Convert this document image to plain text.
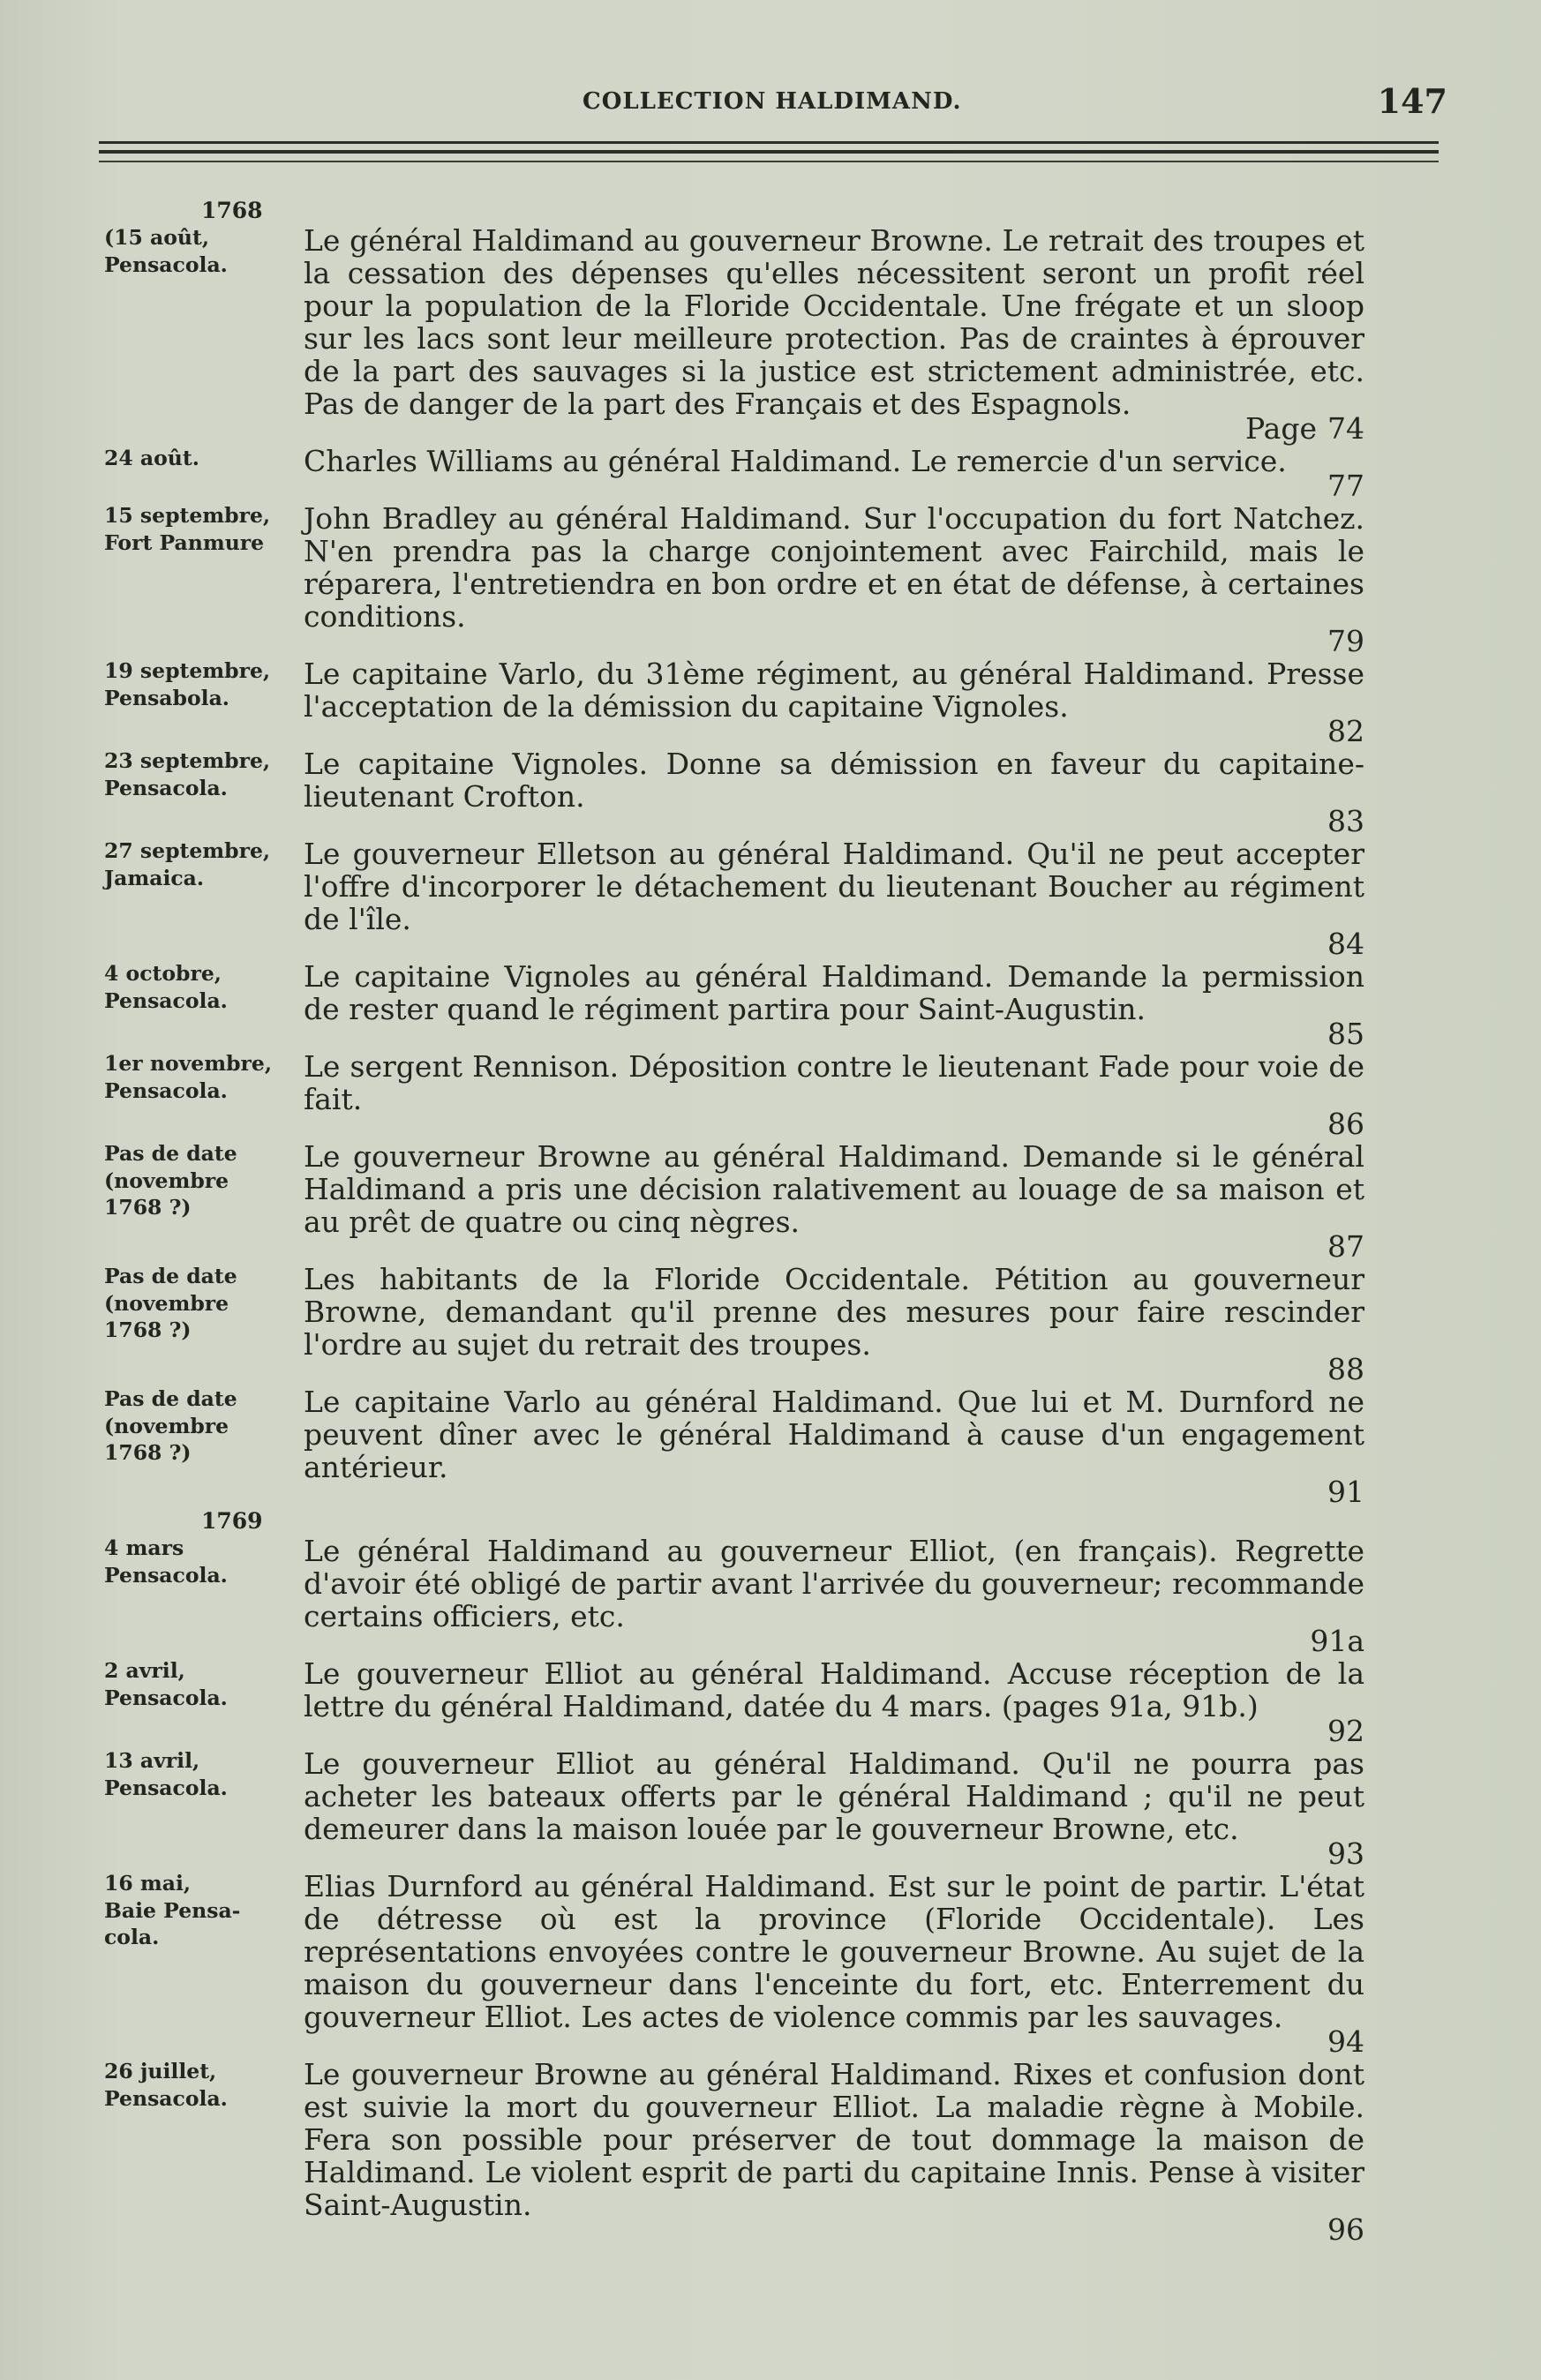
COLLECTION HALDIMAND.	147
1768
(15 août,
Pensacola.
Le général Haldimand au gouverneur Browne. Le retrait des troupes et la cessation des dépenses qu'elles nécessitent seront un profit réel pour la population de la Floride Occidentale. Une frégate et un sloop sur les lacs sont leur meilleure protection. Pas de craintes à éprouver de la part des sauvages si la justice est strictement administrée, etc. Pas de danger de la part des Français et des Espagnols.
Page 74
24 août.	Charles Williams au général Haldimand. Le remercie d'un service.
77
15 septembre,
Fort Panmure
John Bradley au général Haldimand. Sur l'occupation du fort Natchez. N'en prendra pas la charge conjointement avec Fairchild, mais le réparera, l'entretiendra en bon ordre et en état de défense, à certaines conditions.
79
19 septembre,
Pensabola.
Le capitaine Varlo, du 31ème régiment, au général Haldimand. Presse l'acceptation de la démission du capitaine Vignoles.
82
23 septembre,
Pensacola.
Le capitaine Vignoles. Donne sa démission en faveur du capitaine-lieutenant Crofton.
83
27 septembre,
Jamaica.
Le gouverneur Elletson au général Haldimand. Qu'il ne peut accepter l'offre d'incorporer le détachement du lieutenant Boucher au régiment de l'île.
84
4 octobre,
Pensacola.
Le capitaine Vignoles au général Haldimand. Demande la permission de rester quand le régiment partira pour Saint-Augustin.
85
1er novembre,
Pensacola.
Le sergent Rennison. Déposition contre le lieutenant Fade pour voie de fait.
86
Pas de date
(novembre
1768 ?)
Le gouverneur Browne au général Haldimand. Demande si le général Haldimand a pris une décision ralativement au louage de sa maison et au prêt de quatre ou cinq nègres.
87
Pas de date
(novembre
1768 ?)
Les habitants de la Floride Occidentale. Pétition au gouverneur Browne, demandant qu'il prenne des mesures pour faire rescinder l'ordre au sujet du retrait des troupes.
88
Pas de date
(novembre
1768 ?)
Le capitaine Varlo au général Haldimand. Que lui et M. Durnford ne peuvent dîner avec le général Haldimand à cause d'un engagement antérieur.
91
1769
4 mars
Pensacola.
Le général Haldimand au gouverneur Elliot, (en français). Regrette d'avoir été obligé de partir avant l'arrivée du gouverneur; recommande certains officiers, etc.
91a
2 avril,
Pensacola.
Le gouverneur Elliot au général Haldimand. Accuse réception de la lettre du général Haldimand, datée du 4 mars. (pages 91a, 91b.)
92
13 avril,
Pensacola.
Le gouverneur Elliot au général Haldimand. Qu'il ne pourra pas acheter les bateaux offerts par le général Haldimand ; qu'il ne peut demeurer dans la maison louée par le gouverneur Browne, etc.
93
16 mai,
Baie Pensa-
cola.
Elias Durnford au général Haldimand. Est sur le point de partir. L'état de détresse où est la province (Floride Occidentale). Les représentations envoyées contre le gouverneur Browne. Au sujet de la maison du gouverneur dans l'enceinte du fort, etc. Enterrement du gouverneur Elliot. Les actes de violence commis par les sauvages.
94
26 juillet,
Pensacola.
Le gouverneur Browne au général Haldimand. Rixes et confusion dont est suivie la mort du gouverneur Elliot. La maladie règne à Mobile. Fera son possible pour préserver de tout dommage la maison de Haldimand. Le violent esprit de parti du capitaine Innis. Pense à visiter Saint-Augustin.
96
